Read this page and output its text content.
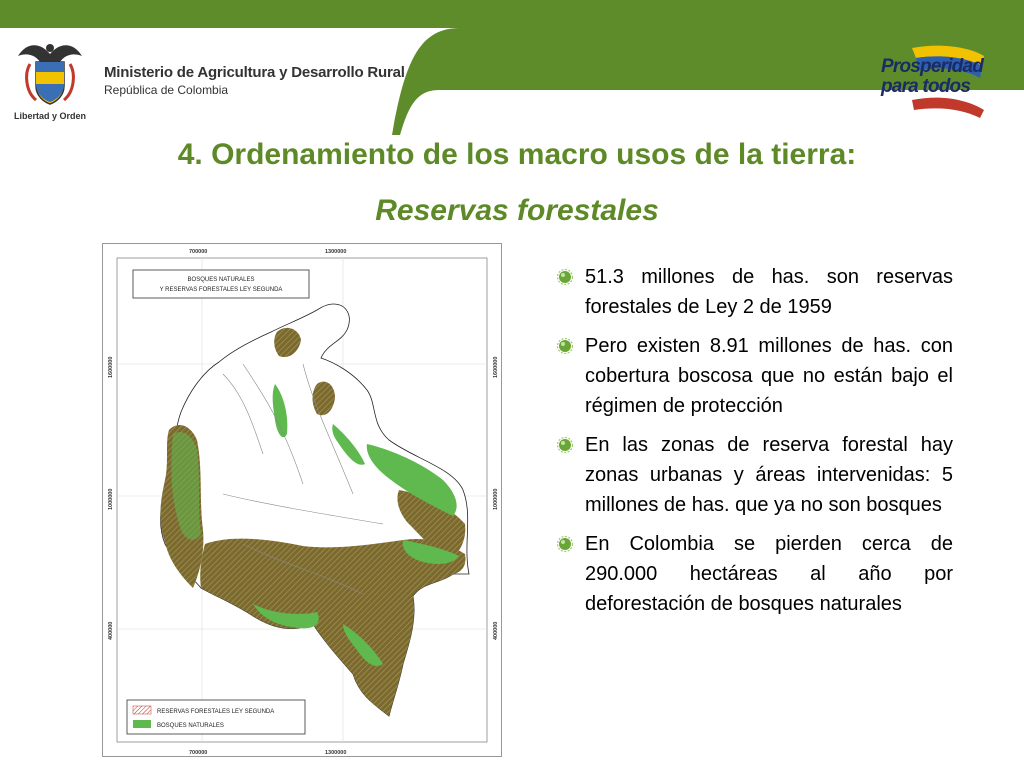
Libertad y Orden
Ministerio de Agricultura y Desarrollo Rural
República de Colombia
Prosperidad
para todos
4. Ordenamiento de los macro usos de la tierra:
Reservas forestales
700000	1300000
700000	1300000
1600000
1000000
400000
1600000
1000000
400000
BOSQUES NATURALES
Y RESERVAS FORESTALES LEY SEGUNDA
RESERVAS FORESTALES LEY SEGUNDA
BOSQUES NATURALES
51.3 millones de has. son reservas forestales de Ley 2 de 1959
Pero existen 8.91 millones de has. con cobertura boscosa que no están bajo el régimen de protección
En las zonas de reserva forestal hay zonas urbanas y áreas intervenidas: 5 millones de has. que ya no son bosques
En Colombia se pierden cerca de 290.000 hectáreas al año por deforestación de bosques naturales
